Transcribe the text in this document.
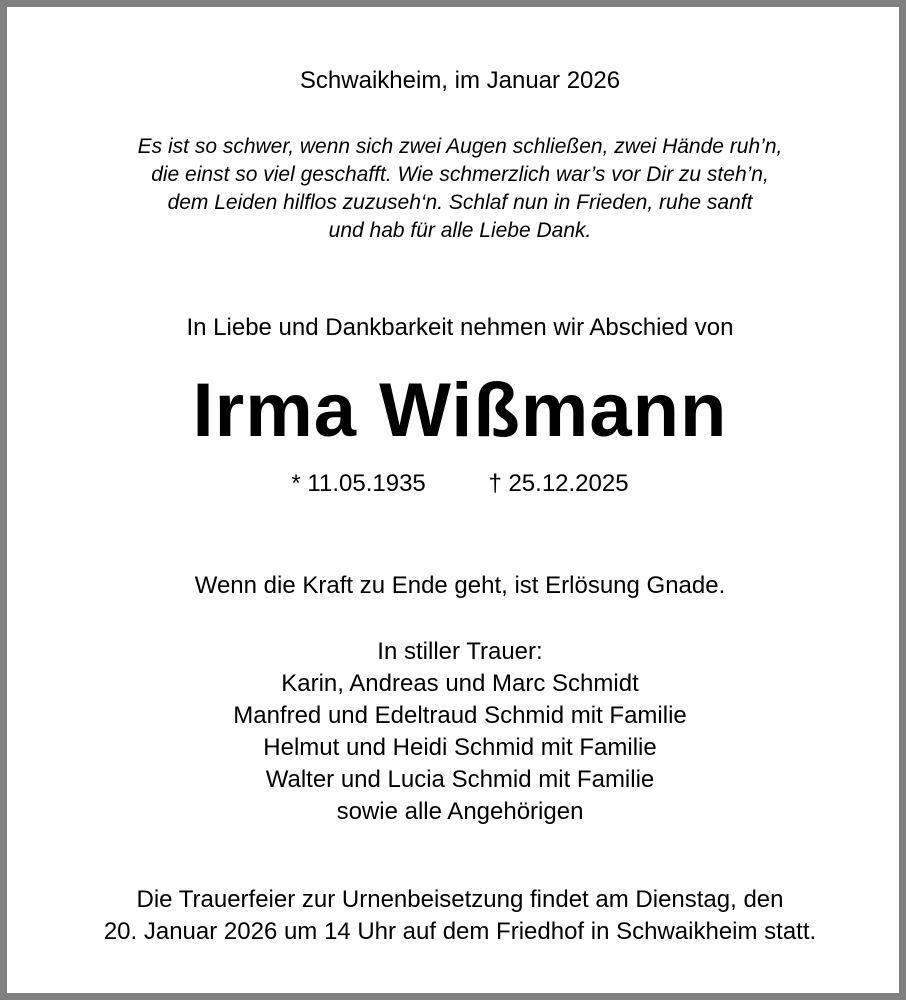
Schwaikheim, im Januar 2026
Es ist so schwer, wenn sich zwei Augen schließen, zwei Hände ruh’n,
die einst so viel geschafft. Wie schmerzlich war’s vor Dir zu steh’n,
dem Leiden hilflos zuzuseh‘n. Schlaf nun in Frieden, ruhe sanft
und hab für alle Liebe Dank.
In Liebe und Dankbarkeit nehmen wir Abschied von
Irma Wißmann
* 11.05.1935	† 25.12.2025
Wenn die Kraft zu Ende geht, ist Erlösung Gnade.
In stiller Trauer:
Karin, Andreas und Marc Schmidt
Manfred und Edeltraud Schmid mit Familie
Helmut und Heidi Schmid mit Familie
Walter und Lucia Schmid mit Familie
sowie alle Angehörigen
Die Trauerfeier zur Urnenbeisetzung findet am Dienstag, den
20. Januar 2026 um 14 Uhr auf dem Friedhof in Schwaikheim statt.
